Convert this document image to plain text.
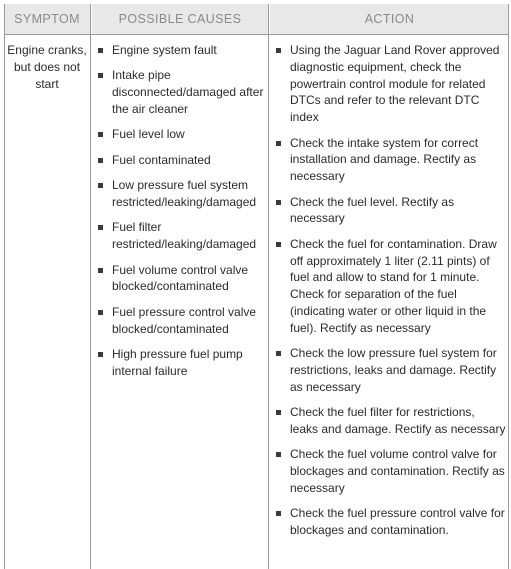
SYMPTOM	POSSIBLE CAUSES	ACTION
Engine cranks, but does not start
Engine system fault
Intake pipe disconnected/damaged after the air cleaner
Fuel level low
Fuel contaminated
Low pressure fuel system restricted/leaking/damaged
Fuel filter restricted/leaking/damaged
Fuel volume control valve blocked/contaminated
Fuel pressure control valve blocked/contaminated
High pressure fuel pump internal failure
Using the Jaguar Land Rover approved diagnostic equipment, check the powertrain control module for related DTCs and refer to the relevant DTC index
Check the intake system for correct installation and damage. Rectify as necessary
Check the fuel level. Rectify as necessary
Check the fuel for contamination. Draw off approximately 1 liter (2.11 pints) of fuel and allow to stand for 1 minute. Check for separation of the fuel (indicating water or other liquid in the fuel). Rectify as necessary
Check the low pressure fuel system for restrictions, leaks and damage. Rectify as necessary
Check the fuel filter for restrictions, leaks and damage. Rectify as necessary
Check the fuel volume control valve for blockages and contamination. Rectify as necessary
Check the fuel pressure control valve for blockages and contamination.
